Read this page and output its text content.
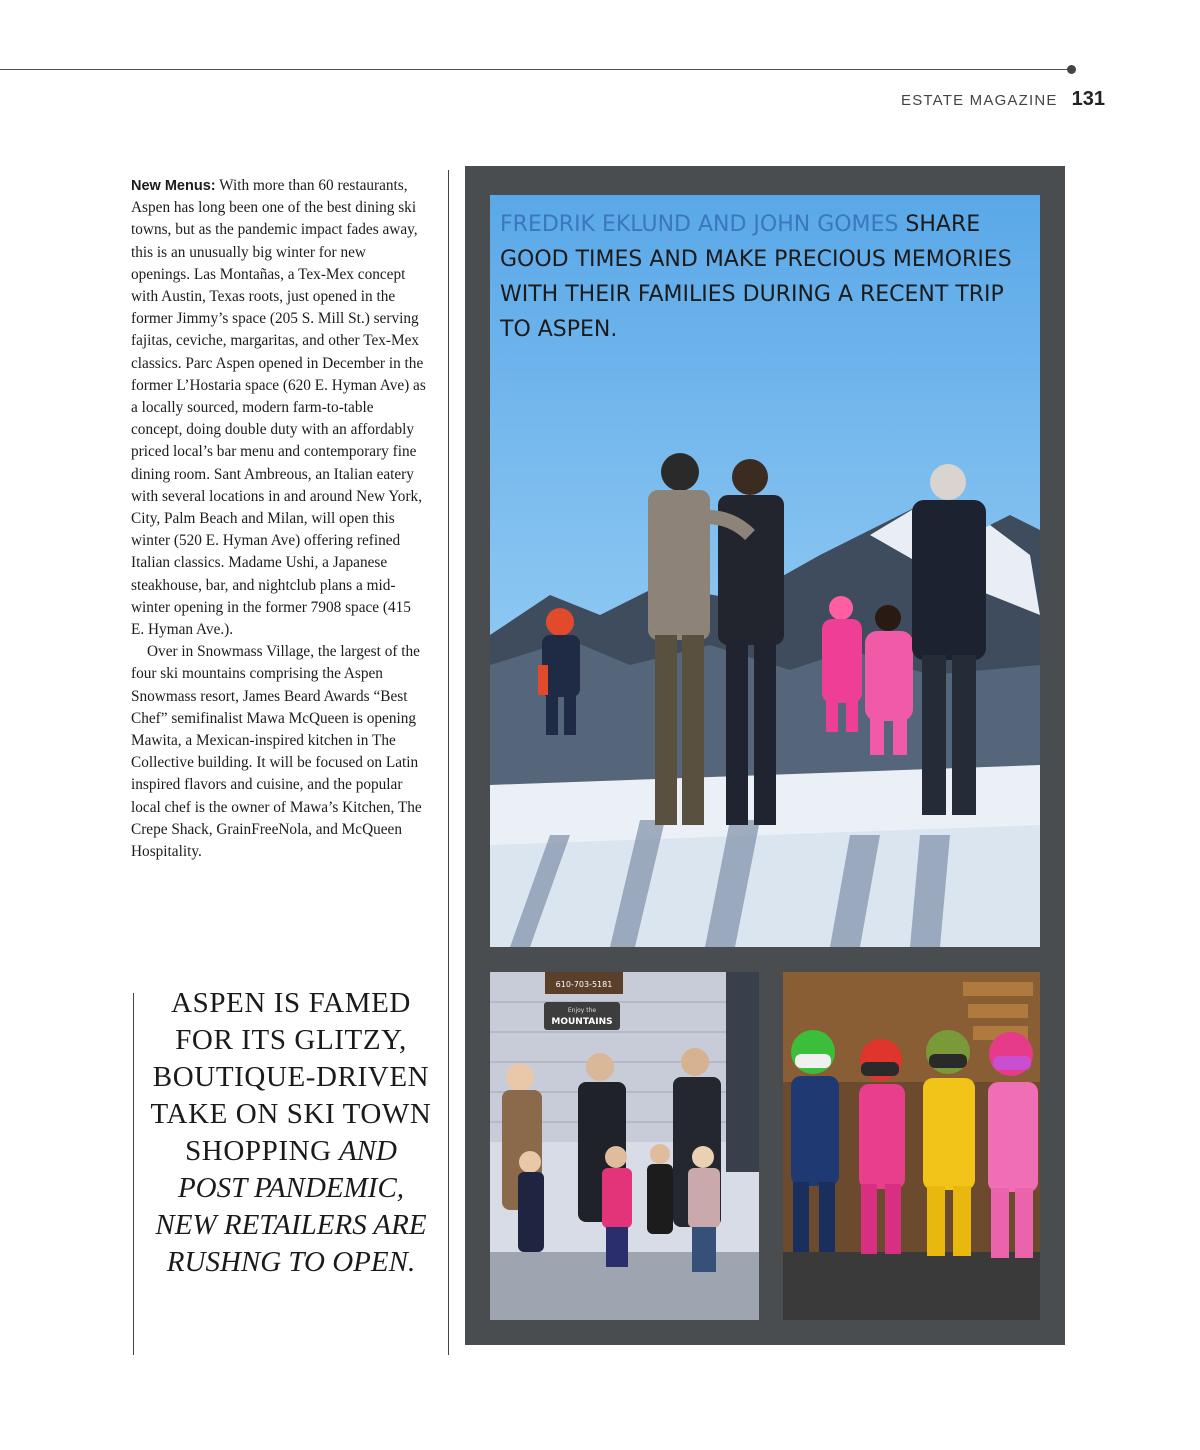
ESTATE MAGAZINE 131

New Menus: With more than 60 restaurants, Aspen has long been one of the best dining ski towns, but as the pandemic impact fades away, this is an unusually big winter for new openings. Las Montañas, a Tex-Mex concept with Austin, Texas roots, just opened in the former Jimmy’s space (205 S. Mill St.) serving fajitas, ceviche, margaritas, and other Tex-Mex classics. Parc Aspen opened in December in the former L’Hostaria space (620 E. Hyman Ave) as a locally sourced, modern farm-to-table concept, doing double duty with an affordably priced local’s bar menu and contemporary fine dining room. Sant Ambreous, an Italian eatery with several locations in and around New York, City, Palm Beach and Milan, will open this winter (520 E. Hyman Ave) offering refined Italian classics. Madame Ushi, a Japanese steakhouse, bar, and nightclub plans a mid-winter opening in the former 7908 space (415 E. Hyman Ave.).

Over in Snowmass Village, the largest of the four ski mountains comprising the Aspen Snowmass resort, James Beard Awards “Best Chef” semifinalist Mawa McQueen is opening Mawita, a Mexican-inspired kitchen in The Collective building. It will be focused on Latin inspired flavors and cuisine, and the popular local chef is the owner of Mawa’s Kitchen, The Crepe Shack, GrainFreeNola, and McQueen Hospitality.

ASPEN IS FAMED FOR ITS GLITZY, BOUTIQUE-DRIVEN TAKE ON SKI TOWN SHOPPING AND POST PANDEMIC, NEW RETAILERS ARE RUSHNG TO OPEN.
FREDRIK EKLUND AND JOHN GOMES SHARE GOOD TIMES AND MAKE PRECIOUS MEMORIES WITH THEIR FAMILIES DURING A RECENT TRIP TO ASPEN.
610-703-5181
Enjoy the
MOUNTAINS
